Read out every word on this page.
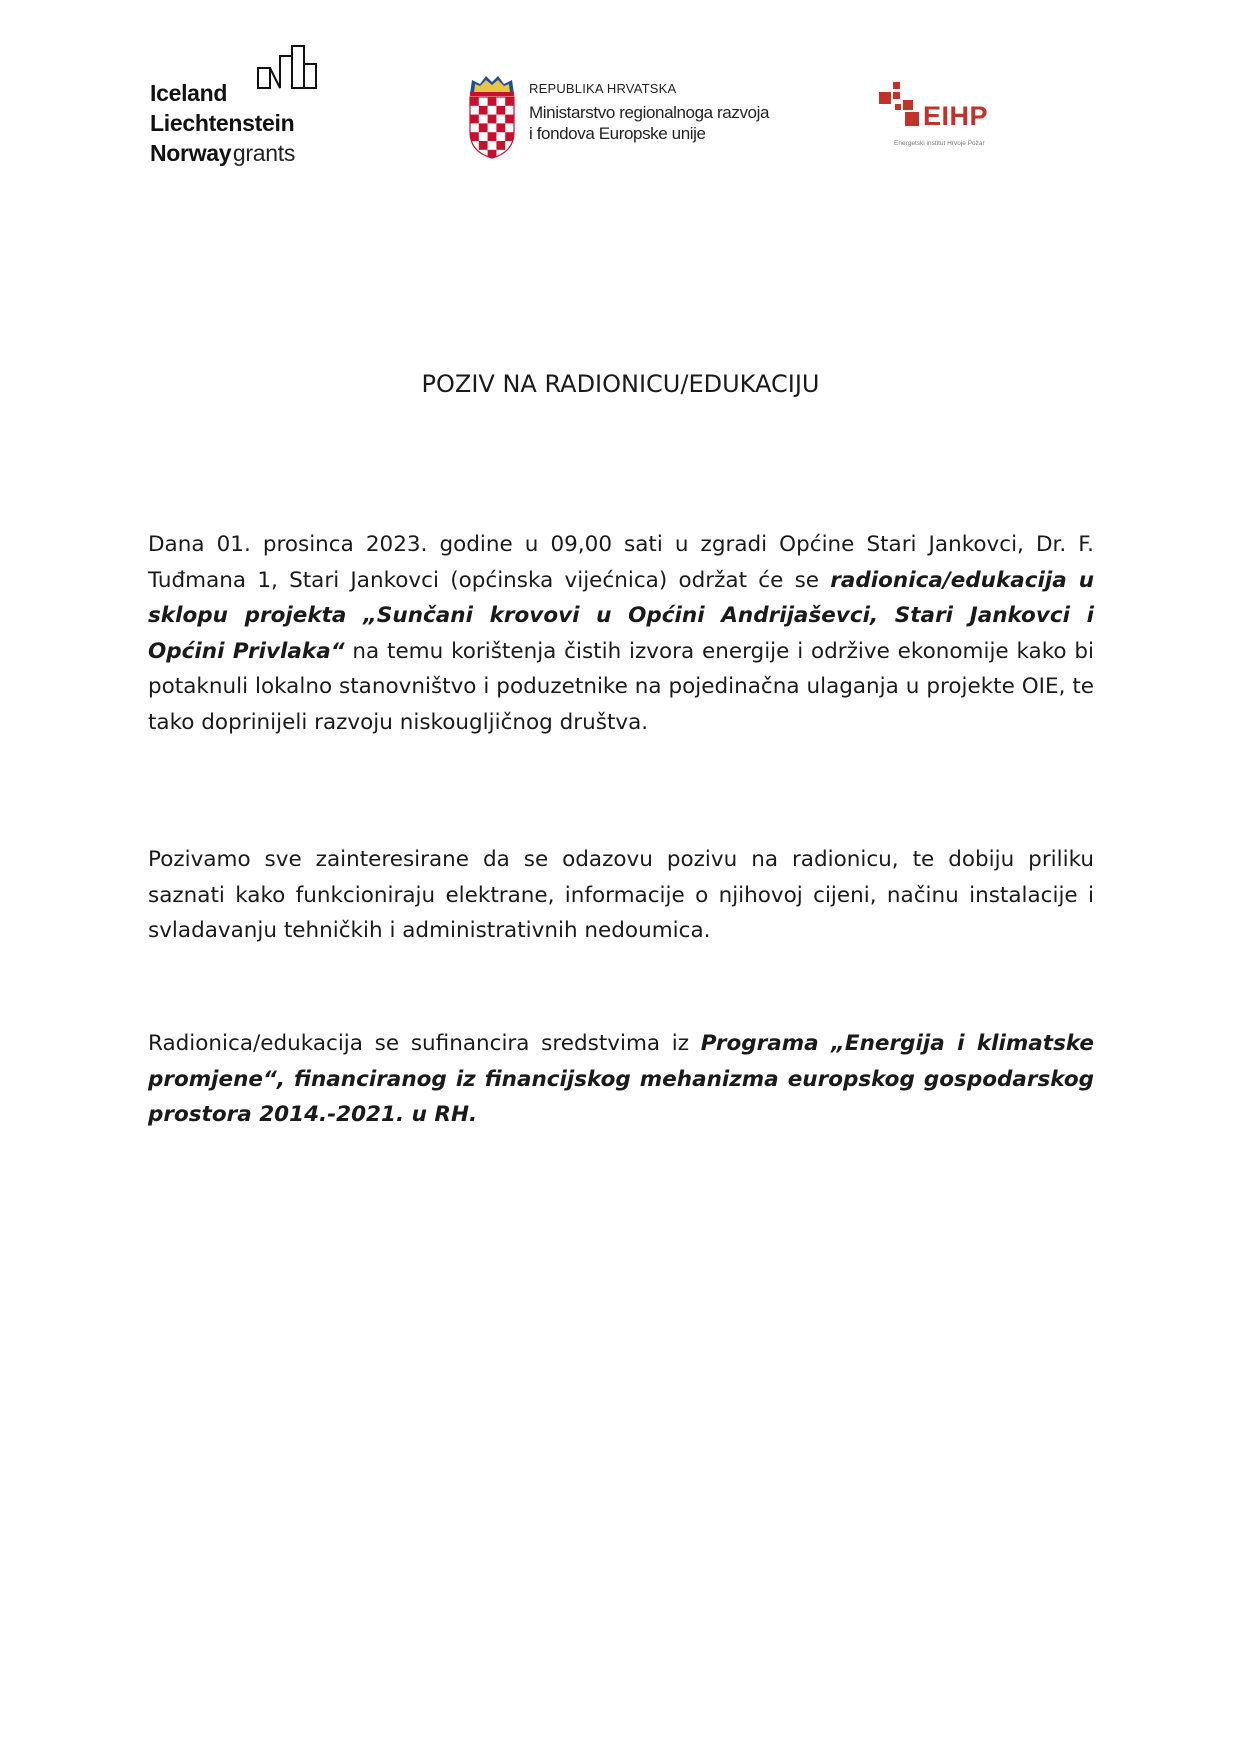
Iceland
Liechtenstein
Norway grants
REPUBLIKA HRVATSKA
Ministarstvo regionalnoga razvoja
i fondova Europske unije
EIHP
Energetski institut Hrvoje Požar
POZIV NA RADIONICU/EDUKACIJU

Dana 01. prosinca 2023. godine u 09,00 sati u zgradi Općine Stari Jankovci, Dr. F. Tuđmana 1, Stari Jankovci (općinska vijećnica) održat će se radionica/edukacija u sklopu projekta „Sunčani krovovi u Općini Andrijaševci, Stari Jankovci i Općini Privlaka“ na temu korištenja čistih izvora energije i održive ekonomije kako bi potaknuli lokalno stanovništvo i poduzetnike na pojedinačna ulaganja u projekte OIE, te tako doprinijeli razvoju niskougljičnog društva.

Pozivamo sve zainteresirane da se odazovu pozivu na radionicu, te dobiju priliku saznati kako funkcioniraju elektrane, informacije o njihovoj cijeni, načinu instalacije i svladavanju tehničkih i administrativnih nedoumica.

Radionica/edukacija se sufinancira sredstvima iz Programa „Energija i klimatske promjene“, financiranog iz financijskog mehanizma europskog gospodarskog prostora 2014.-2021. u RH.
